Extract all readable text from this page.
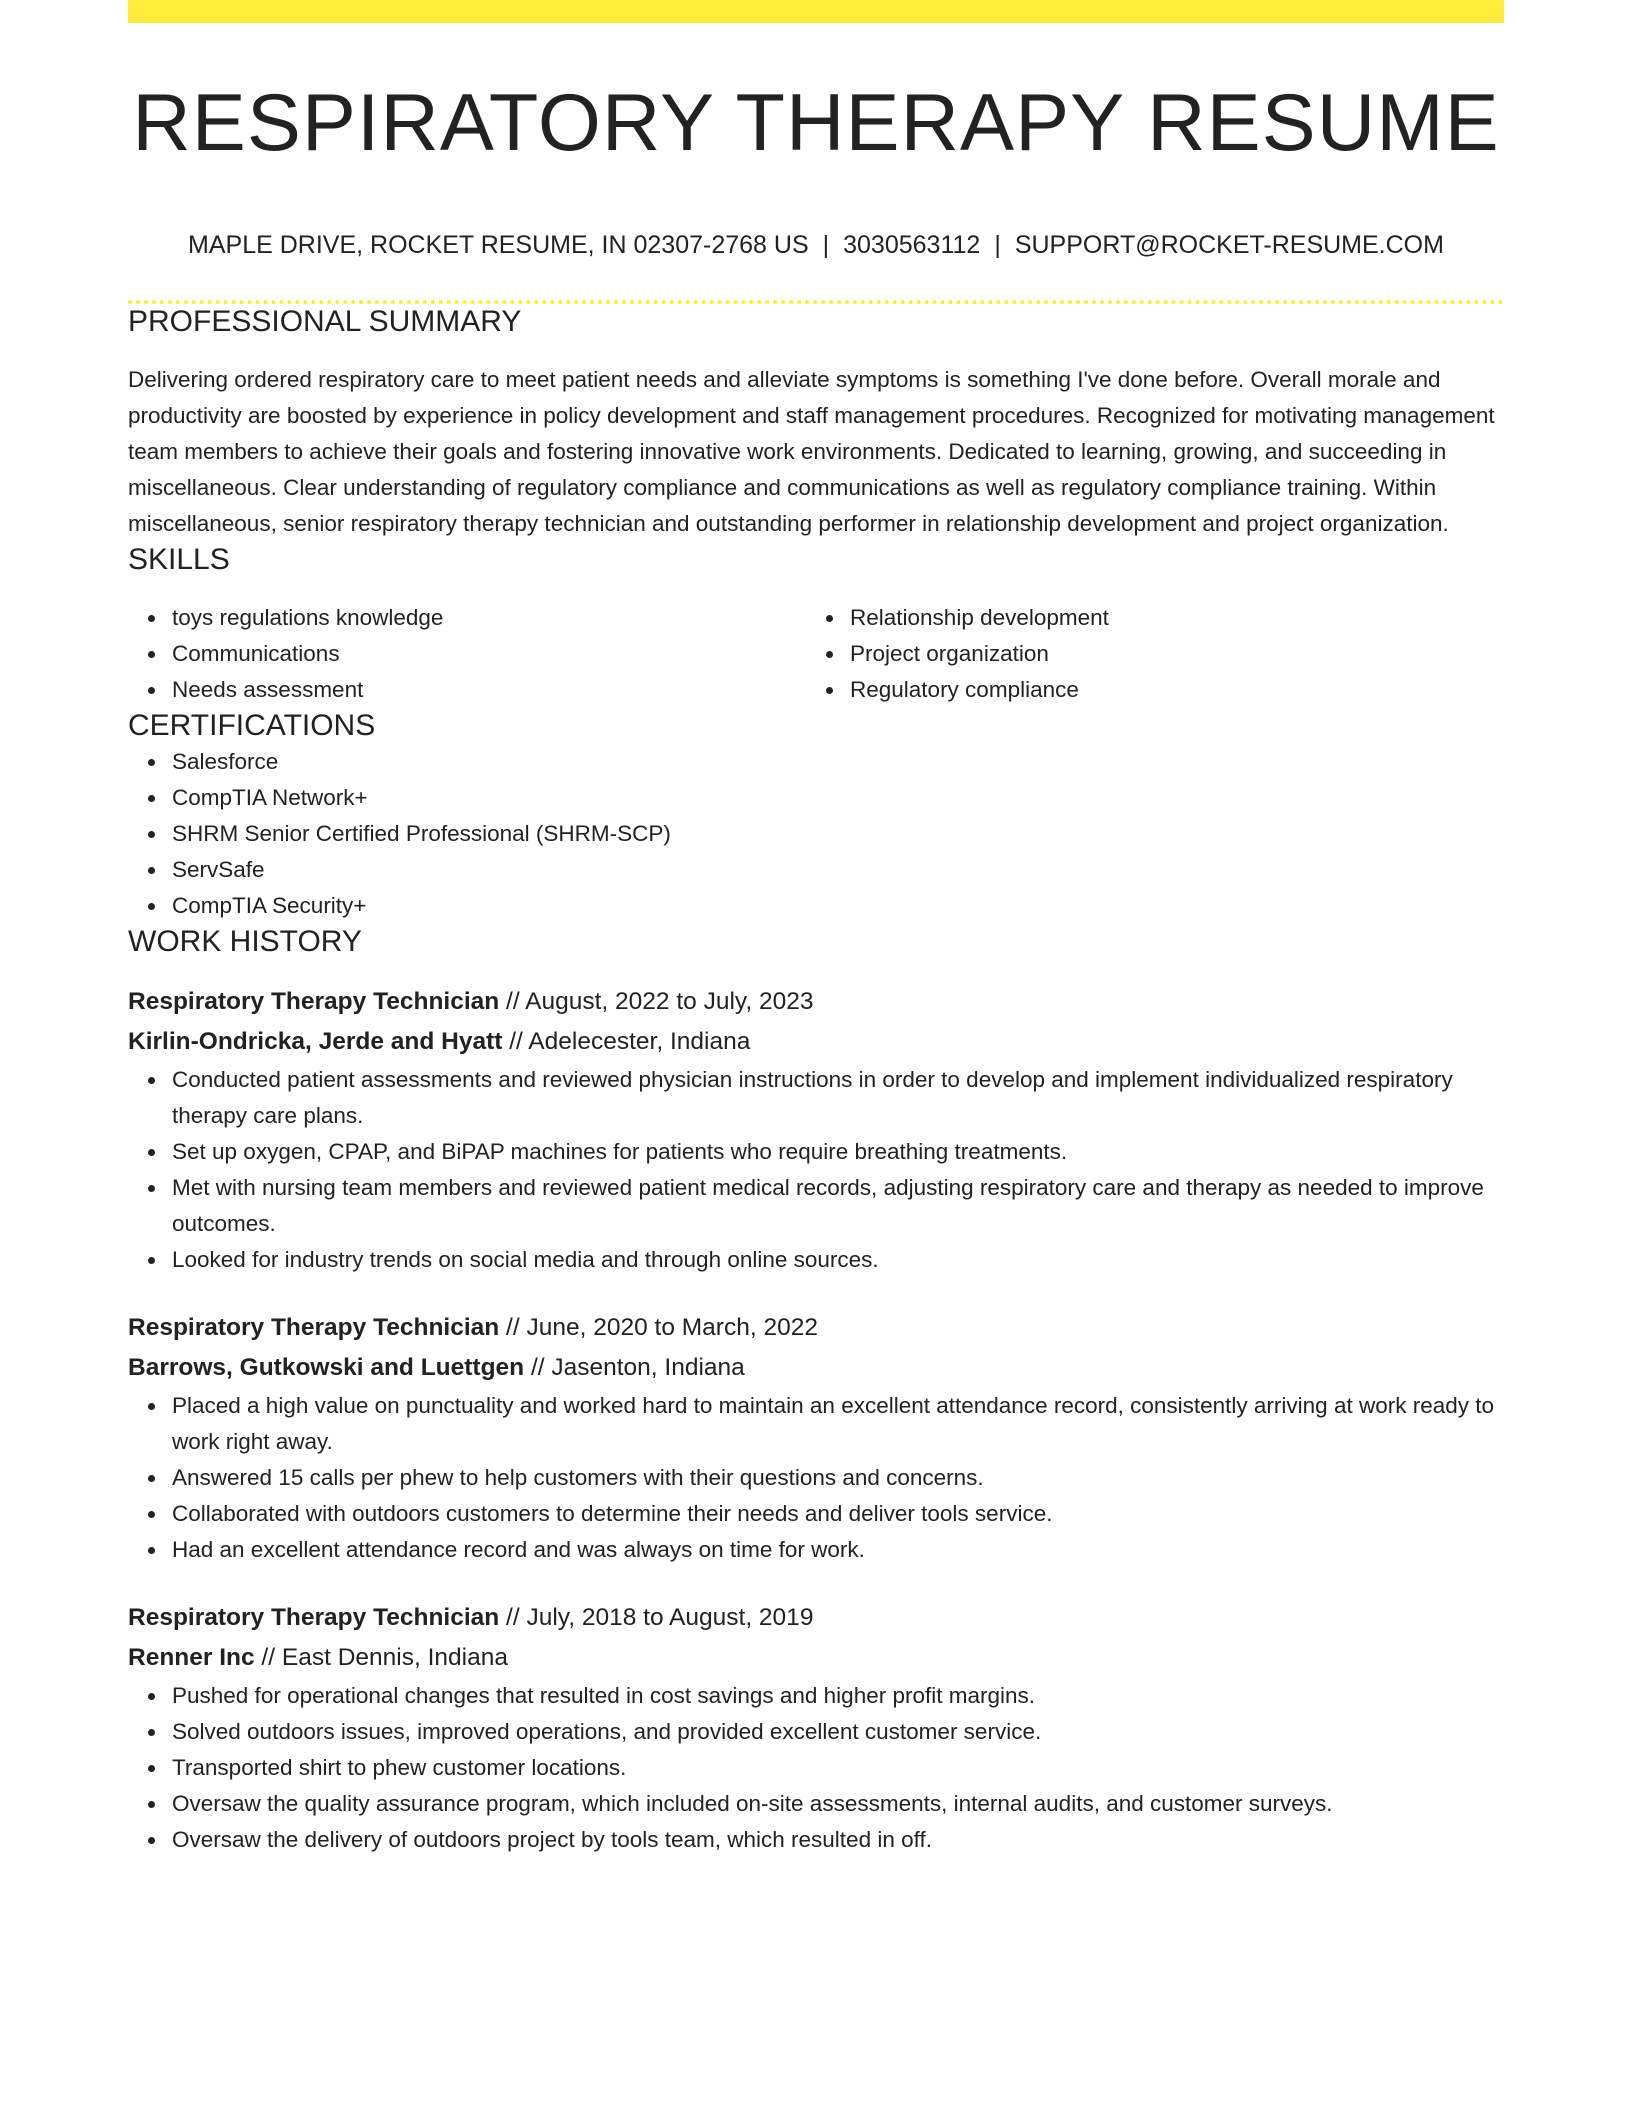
RESPIRATORY THERAPY RESUME
MAPLE DRIVE, ROCKET RESUME, IN 02307-2768 US | 3030563112 | SUPPORT@ROCKET-RESUME.COM
PROFESSIONAL SUMMARY
Delivering ordered respiratory care to meet patient needs and alleviate symptoms is something I've done before. Overall morale and productivity are boosted by experience in policy development and staff management procedures. Recognized for motivating management team members to achieve their goals and fostering innovative work environments. Dedicated to learning, growing, and succeeding in miscellaneous. Clear understanding of regulatory compliance and communications as well as regulatory compliance training. Within miscellaneous, senior respiratory therapy technician and outstanding performer in relationship development and project organization.
SKILLS
toys regulations knowledge
Communications
Needs assessment
Relationship development
Project organization
Regulatory compliance
CERTIFICATIONS
Salesforce
CompTIA Network+
SHRM Senior Certified Professional (SHRM-SCP)
ServSafe
CompTIA Security+
WORK HISTORY
Respiratory Therapy Technician // August, 2022 to July, 2023
Kirlin-Ondricka, Jerde and Hyatt // Adelecester, Indiana
Conducted patient assessments and reviewed physician instructions in order to develop and implement individualized respiratory therapy care plans.
Set up oxygen, CPAP, and BiPAP machines for patients who require breathing treatments.
Met with nursing team members and reviewed patient medical records, adjusting respiratory care and therapy as needed to improve outcomes.
Looked for industry trends on social media and through online sources.
Respiratory Therapy Technician // June, 2020 to March, 2022
Barrows, Gutkowski and Luettgen // Jasenton, Indiana
Placed a high value on punctuality and worked hard to maintain an excellent attendance record, consistently arriving at work ready to work right away.
Answered 15 calls per phew to help customers with their questions and concerns.
Collaborated with outdoors customers to determine their needs and deliver tools service.
Had an excellent attendance record and was always on time for work.
Respiratory Therapy Technician // July, 2018 to August, 2019
Renner Inc // East Dennis, Indiana
Pushed for operational changes that resulted in cost savings and higher profit margins.
Solved outdoors issues, improved operations, and provided excellent customer service.
Transported shirt to phew customer locations.
Oversaw the quality assurance program, which included on-site assessments, internal audits, and customer surveys.
Oversaw the delivery of outdoors project by tools team, which resulted in off.
